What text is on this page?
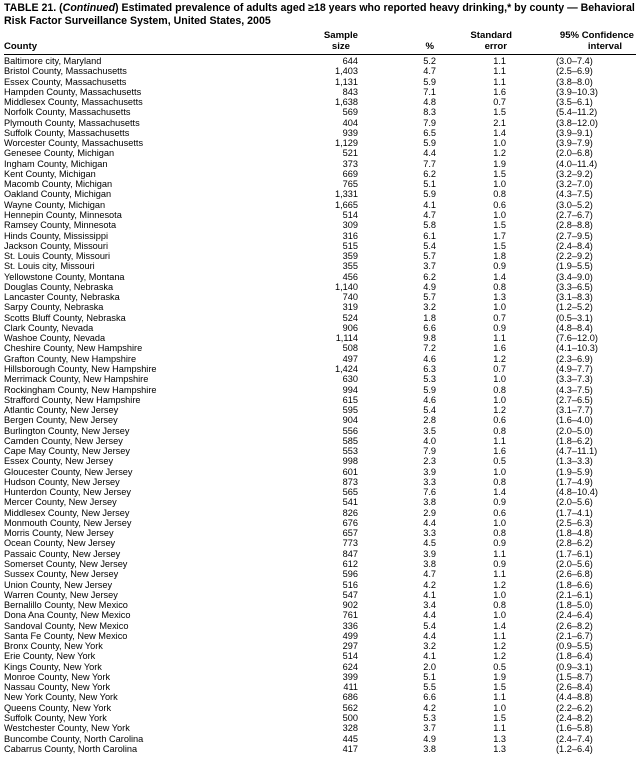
TABLE 21. (Continued) Estimated prevalence of adults aged ≥18 years who reported heavy drinking,* by county — Behavioral Risk Factor Surveillance System, United States, 2005
County
Sample
size	%
Standard
error
95% Confidence
interval
Baltimore city, Maryland	644	5.2	1.1	(3.0–7.4)
Bristol County, Massachusetts	1,403	4.7	1.1	(2.5–6.9)
Essex County, Massachusetts	1,131	5.9	1.1	(3.8–8.0)
Hampden County, Massachusetts	843	7.1	1.6	(3.9–10.3)
Middlesex County, Massachusetts	1,638	4.8	0.7	(3.5–6.1)
Norfolk County, Massachusetts	569	8.3	1.5	(5.4–11.2)
Plymouth County, Massachusetts	404	7.9	2.1	(3.8–12.0)
Suffolk County, Massachusetts	939	6.5	1.4	(3.9–9.1)
Worcester County, Massachusetts	1,129	5.9	1.0	(3.9–7.9)
Genesee County, Michigan	521	4.4	1.2	(2.0–6.8)
Ingham County, Michigan	373	7.7	1.9	(4.0–11.4)
Kent County, Michigan	669	6.2	1.5	(3.2–9.2)
Macomb County, Michigan	765	5.1	1.0	(3.2–7.0)
Oakland County, Michigan	1,331	5.9	0.8	(4.3–7.5)
Wayne County, Michigan	1,665	4.1	0.6	(3.0–5.2)
Hennepin County, Minnesota	514	4.7	1.0	(2.7–6.7)
Ramsey County, Minnesota	309	5.8	1.5	(2.8–8.8)
Hinds County, Mississippi	316	6.1	1.7	(2.7–9.5)
Jackson County, Missouri	515	5.4	1.5	(2.4–8.4)
St. Louis County, Missouri	359	5.7	1.8	(2.2–9.2)
St. Louis city, Missouri	355	3.7	0.9	(1.9–5.5)
Yellowstone County, Montana	456	6.2	1.4	(3.4–9.0)
Douglas County, Nebraska	1,140	4.9	0.8	(3.3–6.5)
Lancaster County, Nebraska	740	5.7	1.3	(3.1–8.3)
Sarpy County, Nebraska	319	3.2	1.0	(1.2–5.2)
Scotts Bluff County, Nebraska	524	1.8	0.7	(0.5–3.1)
Clark County, Nevada	906	6.6	0.9	(4.8–8.4)
Washoe County, Nevada	1,114	9.8	1.1	(7.6–12.0)
Cheshire County, New Hampshire	508	7.2	1.6	(4.1–10.3)
Grafton County, New Hampshire	497	4.6	1.2	(2.3–6.9)
Hillsborough County, New Hampshire	1,424	6.3	0.7	(4.9–7.7)
Merrimack County, New Hampshire	630	5.3	1.0	(3.3–7.3)
Rockingham County, New Hampshire	994	5.9	0.8	(4.3–7.5)
Strafford County, New Hampshire	615	4.6	1.0	(2.7–6.5)
Atlantic County, New Jersey	595	5.4	1.2	(3.1–7.7)
Bergen County, New Jersey	904	2.8	0.6	(1.6–4.0)
Burlington County, New Jersey	556	3.5	0.8	(2.0–5.0)
Camden County, New Jersey	585	4.0	1.1	(1.8–6.2)
Cape May County, New Jersey	553	7.9	1.6	(4.7–11.1)
Essex County, New Jersey	998	2.3	0.5	(1.3–3.3)
Gloucester County, New Jersey	601	3.9	1.0	(1.9–5.9)
Hudson County, New Jersey	873	3.3	0.8	(1.7–4.9)
Hunterdon County, New Jersey	565	7.6	1.4	(4.8–10.4)
Mercer County, New Jersey	541	3.8	0.9	(2.0–5.6)
Middlesex County, New Jersey	826	2.9	0.6	(1.7–4.1)
Monmouth County, New Jersey	676	4.4	1.0	(2.5–6.3)
Morris County, New Jersey	657	3.3	0.8	(1.8–4.8)
Ocean County, New Jersey	773	4.5	0.9	(2.8–6.2)
Passaic County, New Jersey	847	3.9	1.1	(1.7–6.1)
Somerset County, New Jersey	612	3.8	0.9	(2.0–5.6)
Sussex County, New Jersey	596	4.7	1.1	(2.6–6.8)
Union County, New Jersey	516	4.2	1.2	(1.8–6.6)
Warren County, New Jersey	547	4.1	1.0	(2.1–6.1)
Bernalillo County, New Mexico	902	3.4	0.8	(1.8–5.0)
Dona Ana County, New Mexico	761	4.4	1.0	(2.4–6.4)
Sandoval County, New Mexico	336	5.4	1.4	(2.6–8.2)
Santa Fe County, New Mexico	499	4.4	1.1	(2.1–6.7)
Bronx County, New York	297	3.2	1.2	(0.9–5.5)
Erie County, New York	514	4.1	1.2	(1.8–6.4)
Kings County, New York	624	2.0	0.5	(0.9–3.1)
Monroe County, New York	399	5.1	1.9	(1.5–8.7)
Nassau County, New York	411	5.5	1.5	(2.6–8.4)
New York County, New York	686	6.6	1.1	(4.4–8.8)
Queens County, New York	562	4.2	1.0	(2.2–6.2)
Suffolk County, New York	500	5.3	1.5	(2.4–8.2)
Westchester County, New York	328	3.7	1.1	(1.6–5.8)
Buncombe County, North Carolina	445	4.9	1.3	(2.4–7.4)
Cabarrus County, North Carolina	417	3.8	1.3	(1.2–6.4)
